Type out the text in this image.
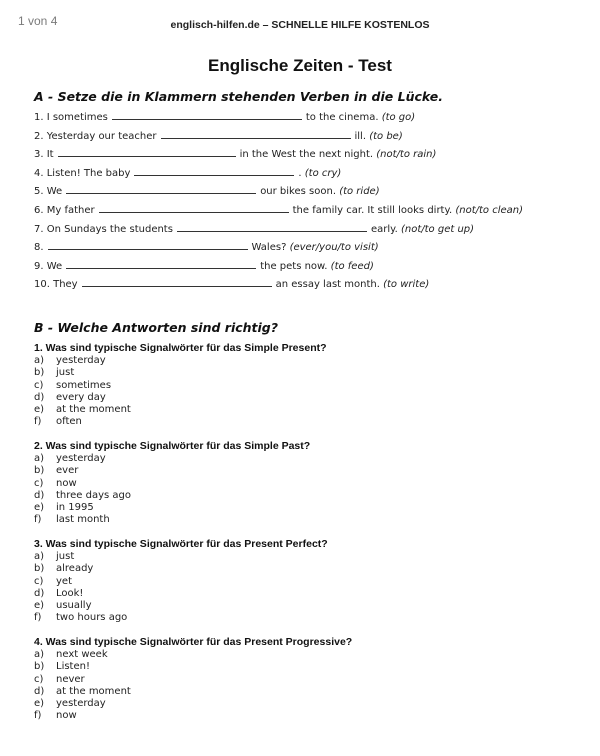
1 von 4	englisch-hilfen.de – SCHNELLE HILFE KOSTENLOS
Englische Zeiten - Test
A - Setze die in Klammern stehenden Verben in die Lücke.
1. I sometimes	to the cinema. (to go)
2. Yesterday our teacher	ill. (to be)
3. It	in the West the next night. (not/to rain)
4. Listen! The baby	. (to cry)
5. We	our bikes soon. (to ride)
6. My father	the family car. It still looks dirty. (not/to clean)
7. On Sundays the students	early. (not/to get up)
8.	Wales? (ever/you/to visit)
9. We	the pets now. (to feed)
10. They	an essay last month. (to write)
B - Welche Antworten sind richtig?
1. Was sind typische Signalwörter für das Simple Present?
a) yesterday
b) just
c) sometimes
d) every day
e) at the moment
f) often
2. Was sind typische Signalwörter für das Simple Past?
a) yesterday
b) ever
c) now
d) three days ago
e) in 1995
f) last month
3. Was sind typische Signalwörter für das Present Perfect?
a) just
b) already
c) yet
d) Look!
e) usually
f) two hours ago
4. Was sind typische Signalwörter für das Present Progressive?
a) next week
b) Listen!
c) never
d) at the moment
e) yesterday
f) now
